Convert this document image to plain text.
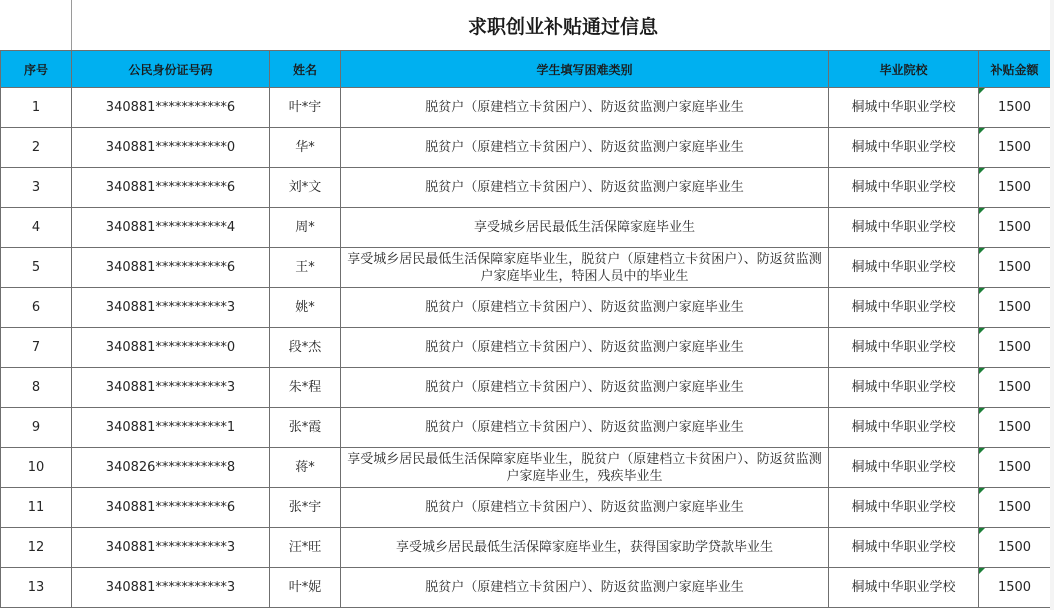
求职创业补贴通过信息
序号	公民身份证号码	姓名	学生填写困难类别	毕业院校	补贴金额
1	340881***********6	叶*宇	脱贫户（原建档立卡贫困户）、防返贫监测户家庭毕业生	桐城中华职业学校	1500
2	340881***********0	华*	脱贫户（原建档立卡贫困户）、防返贫监测户家庭毕业生	桐城中华职业学校	1500
3	340881***********6	刘*文	脱贫户（原建档立卡贫困户）、防返贫监测户家庭毕业生	桐城中华职业学校	1500
4	340881***********4	周*	享受城乡居民最低生活保障家庭毕业生	桐城中华职业学校	1500
5	340881***********6	王*	享受城乡居民最低生活保障家庭毕业生，脱贫户（原建档立卡贫困户）、防返贫监测户家庭毕业生，特困人员中的毕业生	桐城中华职业学校	1500
6	340881***********3	姚*	脱贫户（原建档立卡贫困户）、防返贫监测户家庭毕业生	桐城中华职业学校	1500
7	340881***********0	段*杰	脱贫户（原建档立卡贫困户）、防返贫监测户家庭毕业生	桐城中华职业学校	1500
8	340881***********3	朱*程	脱贫户（原建档立卡贫困户）、防返贫监测户家庭毕业生	桐城中华职业学校	1500
9	340881***********1	张*霞	脱贫户（原建档立卡贫困户）、防返贫监测户家庭毕业生	桐城中华职业学校	1500
10	340826***********8	蒋*	享受城乡居民最低生活保障家庭毕业生，脱贫户（原建档立卡贫困户）、防返贫监测户家庭毕业生，残疾毕业生	桐城中华职业学校	1500
11	340881***********6	张*宇	脱贫户（原建档立卡贫困户）、防返贫监测户家庭毕业生	桐城中华职业学校	1500
12	340881***********3	汪*旺	享受城乡居民最低生活保障家庭毕业生，获得国家助学贷款毕业生	桐城中华职业学校	1500
13	340881***********3	叶*妮	脱贫户（原建档立卡贫困户）、防返贫监测户家庭毕业生	桐城中华职业学校	1500
